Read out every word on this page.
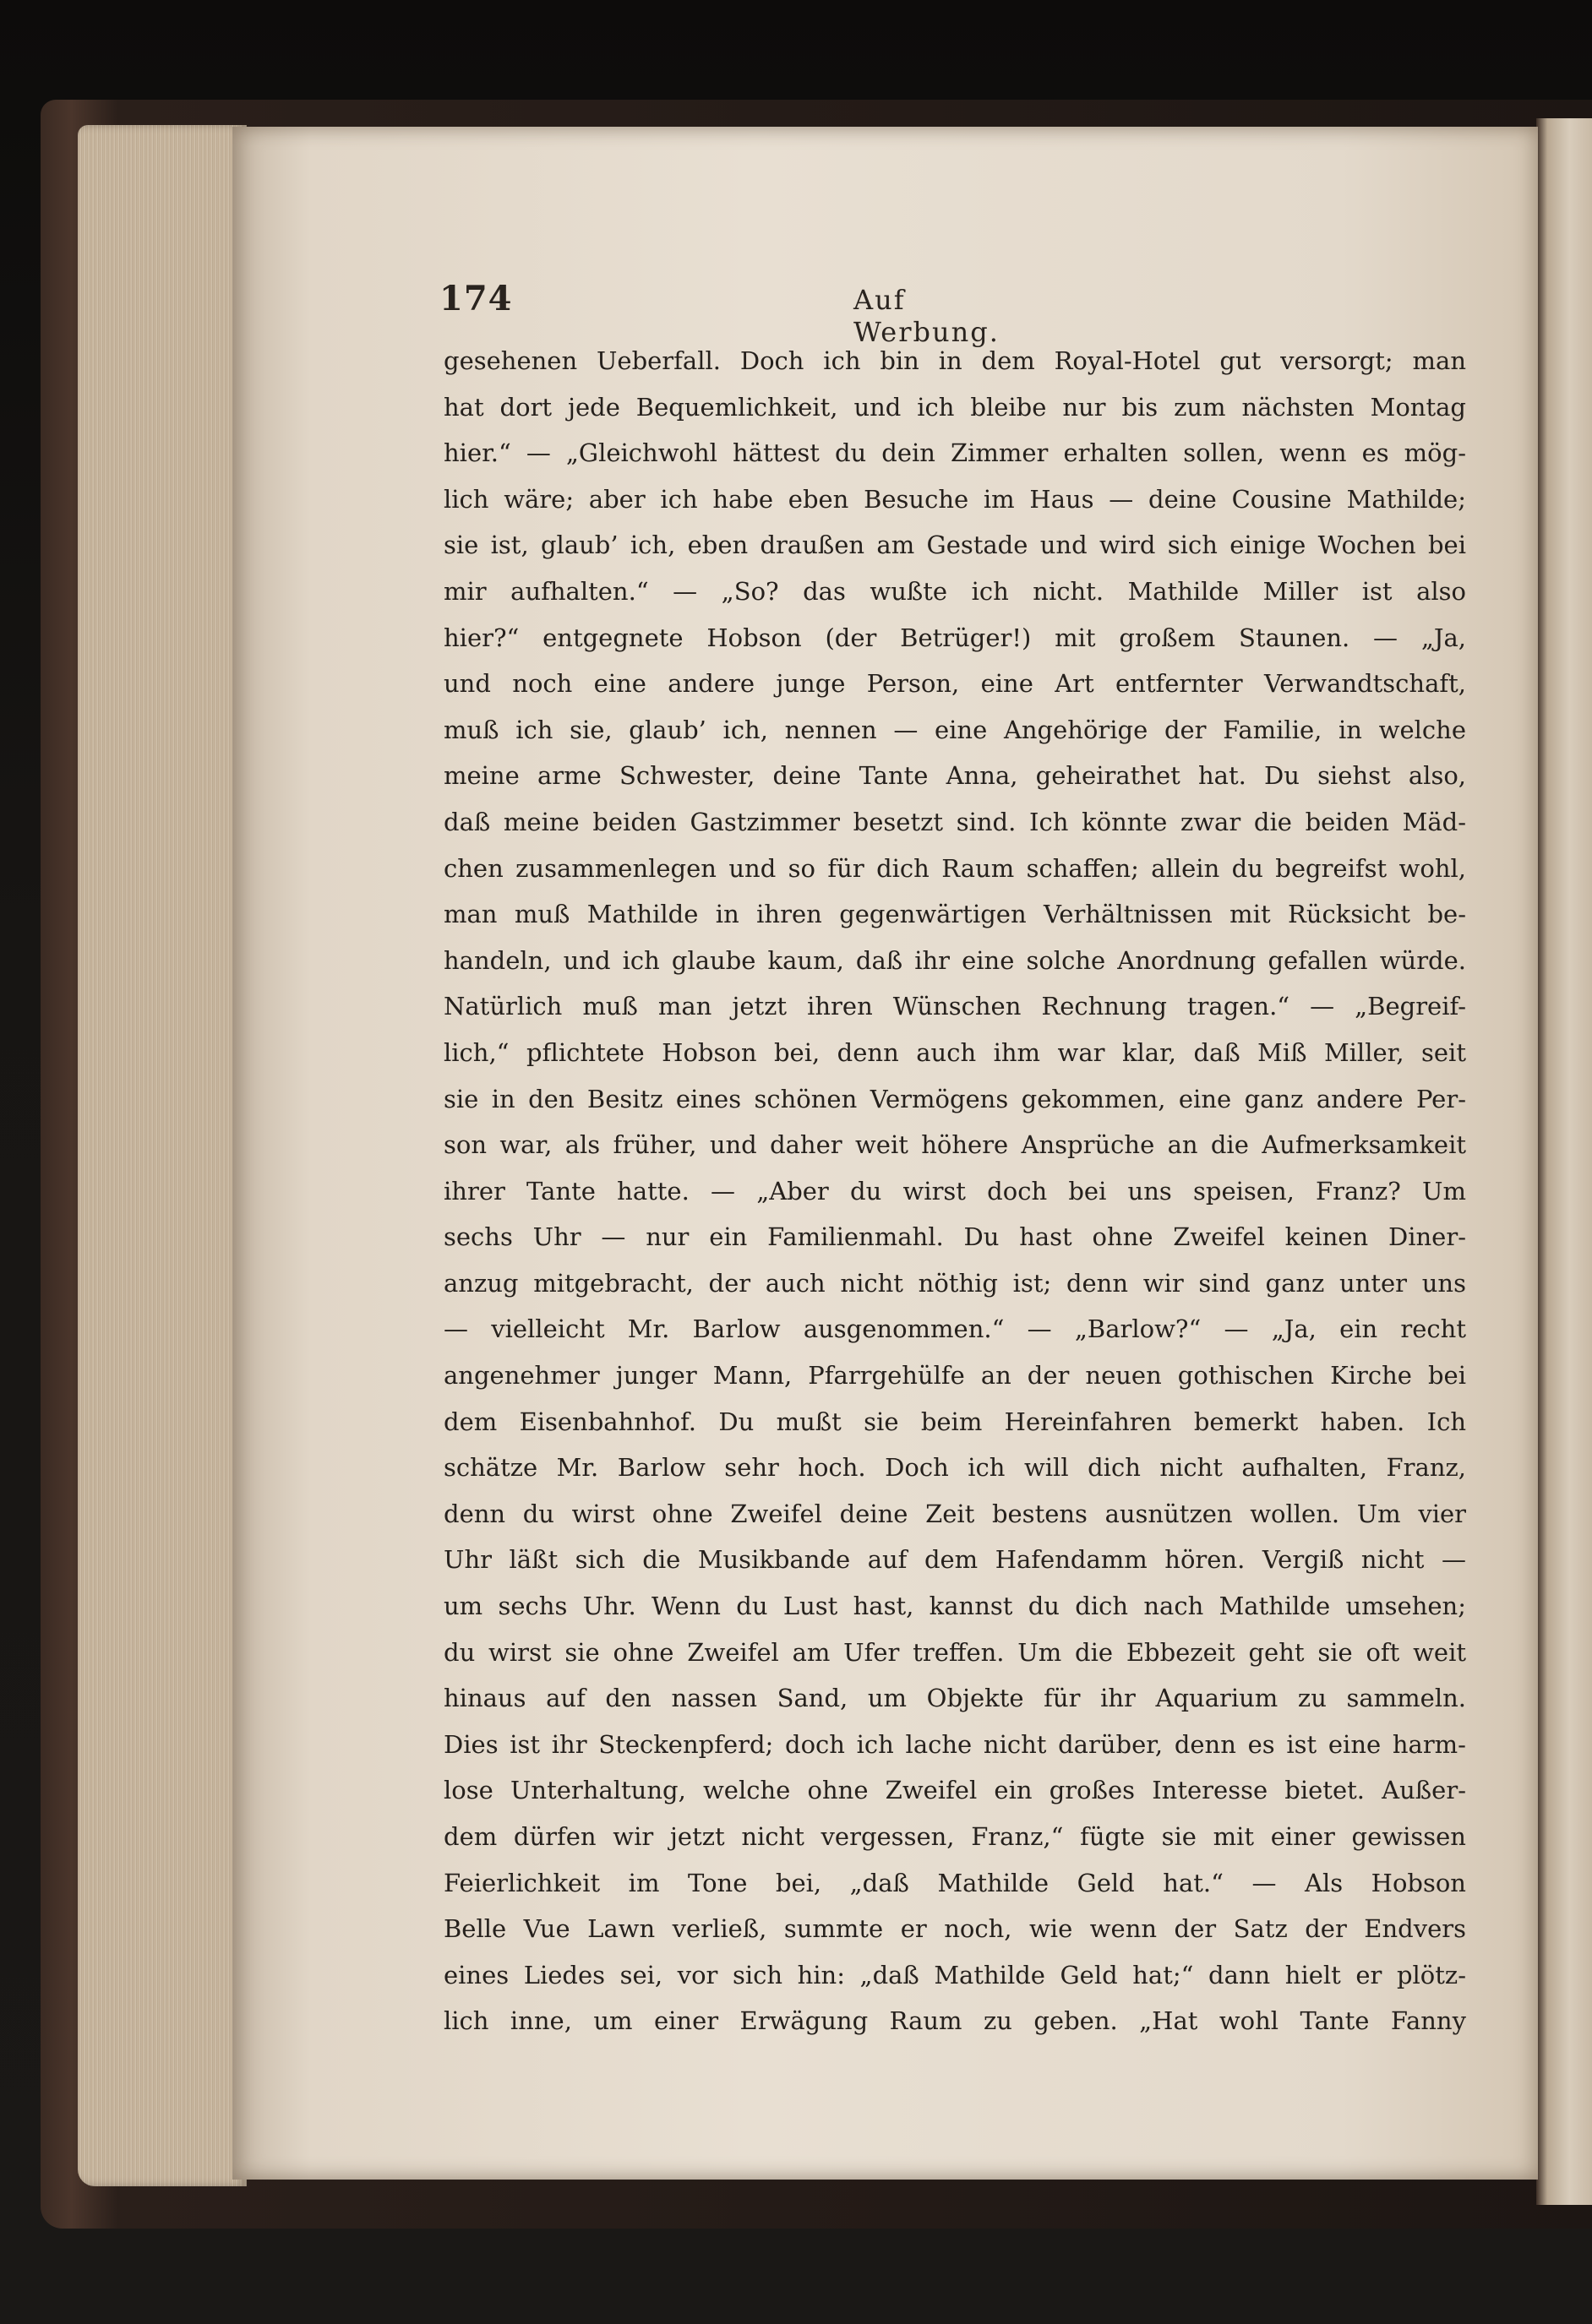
174	Auf Werbung.
gesehenen Ueberfall. Doch ich bin in dem Royal-Hotel gut versorgt; man
hat dort jede Bequemlichkeit, und ich bleibe nur bis zum nächsten Montag
hier.“ — „Gleichwohl hättest du dein Zimmer erhalten sollen, wenn es mög-
lich wäre; aber ich habe eben Besuche im Haus — deine Cousine Mathilde;
sie ist, glaub’ ich, eben draußen am Gestade und wird sich einige Wochen bei
mir aufhalten.“ — „So? das wußte ich nicht. Mathilde Miller ist also
hier?“ entgegnete Hobson (der Betrüger!) mit großem Staunen. — „Ja,
und noch eine andere junge Person, eine Art entfernter Verwandtschaft,
muß ich sie, glaub’ ich, nennen — eine Angehörige der Familie, in welche
meine arme Schwester, deine Tante Anna, geheirathet hat. Du siehst also,
daß meine beiden Gastzimmer besetzt sind. Ich könnte zwar die beiden Mäd-
chen zusammenlegen und so für dich Raum schaffen; allein du begreifst wohl,
man muß Mathilde in ihren gegenwärtigen Verhältnissen mit Rücksicht be-
handeln, und ich glaube kaum, daß ihr eine solche Anordnung gefallen würde.
Natürlich muß man jetzt ihren Wünschen Rechnung tragen.“ — „Begreif-
lich,“ pflichtete Hobson bei, denn auch ihm war klar, daß Miß Miller, seit
sie in den Besitz eines schönen Vermögens gekommen, eine ganz andere Per-
son war, als früher, und daher weit höhere Ansprüche an die Aufmerksamkeit
ihrer Tante hatte. — „Aber du wirst doch bei uns speisen, Franz? Um
sechs Uhr — nur ein Familienmahl. Du hast ohne Zweifel keinen Diner-
anzug mitgebracht, der auch nicht nöthig ist; denn wir sind ganz unter uns
— vielleicht Mr. Barlow ausgenommen.“ — „Barlow?“ — „Ja, ein recht
angenehmer junger Mann, Pfarrgehülfe an der neuen gothischen Kirche bei
dem Eisenbahnhof. Du mußt sie beim Hereinfahren bemerkt haben. Ich
schätze Mr. Barlow sehr hoch. Doch ich will dich nicht aufhalten, Franz,
denn du wirst ohne Zweifel deine Zeit bestens ausnützen wollen. Um vier
Uhr läßt sich die Musikbande auf dem Hafendamm hören. Vergiß nicht —
um sechs Uhr. Wenn du Lust hast, kannst du dich nach Mathilde umsehen;
du wirst sie ohne Zweifel am Ufer treffen. Um die Ebbezeit geht sie oft weit
hinaus auf den nassen Sand, um Objekte für ihr Aquarium zu sammeln.
Dies ist ihr Steckenpferd; doch ich lache nicht darüber, denn es ist eine harm-
lose Unterhaltung, welche ohne Zweifel ein großes Interesse bietet. Außer-
dem dürfen wir jetzt nicht vergessen, Franz,“ fügte sie mit einer gewissen
Feierlichkeit im Tone bei, „daß Mathilde Geld hat.“ — Als Hobson
Belle Vue Lawn verließ, summte er noch, wie wenn der Satz der Endvers
eines Liedes sei, vor sich hin: „daß Mathilde Geld hat;“ dann hielt er plötz-
lich inne, um einer Erwägung Raum zu geben. „Hat wohl Tante Fanny
